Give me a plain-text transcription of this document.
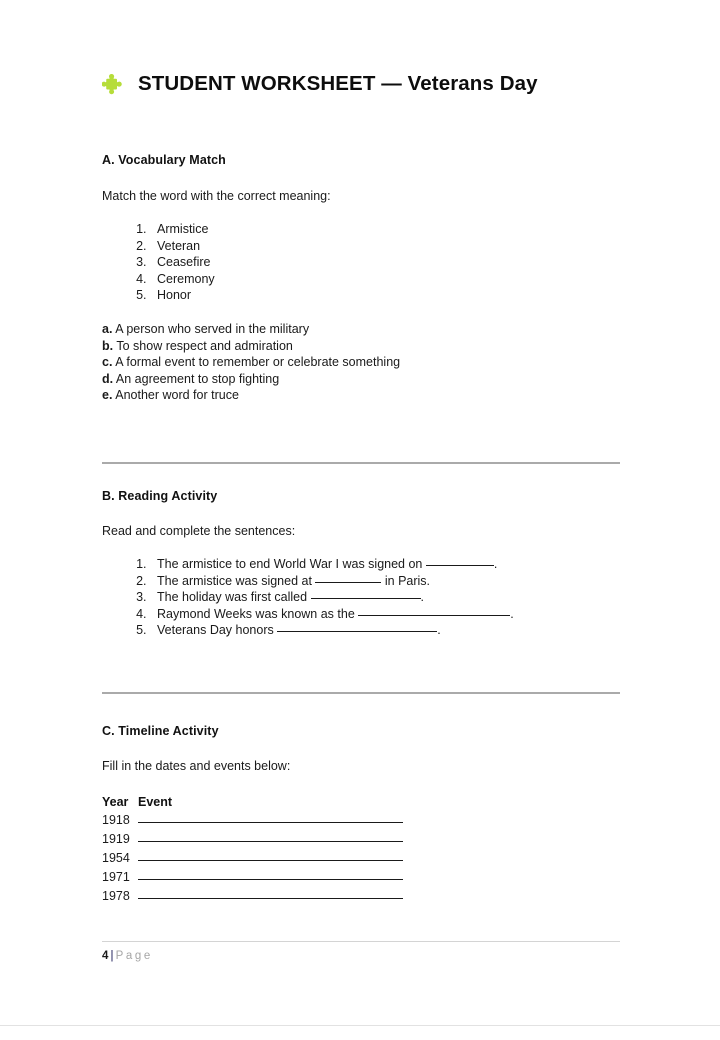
STUDENT WORKSHEET — Veterans Day
A. Vocabulary Match
Match the word with the correct meaning:
1. Armistice
2. Veteran
3. Ceasefire
4. Ceremony
5. Honor
a. A person who served in the military
b. To show respect and admiration
c. A formal event to remember or celebrate something
d. An agreement to stop fighting
e. Another word for truce
B. Reading Activity
Read and complete the sentences:
1. The armistice to end World War I was signed on	.
2. The armistice was signed at	in Paris.
3. The holiday was first called	.
4. Raymond Weeks was known as the	.
5. Veterans Day honors	.
C. Timeline Activity
Fill in the dates and events below:
Year Event
1918
1919
1954
1971
1978
4 | Page
